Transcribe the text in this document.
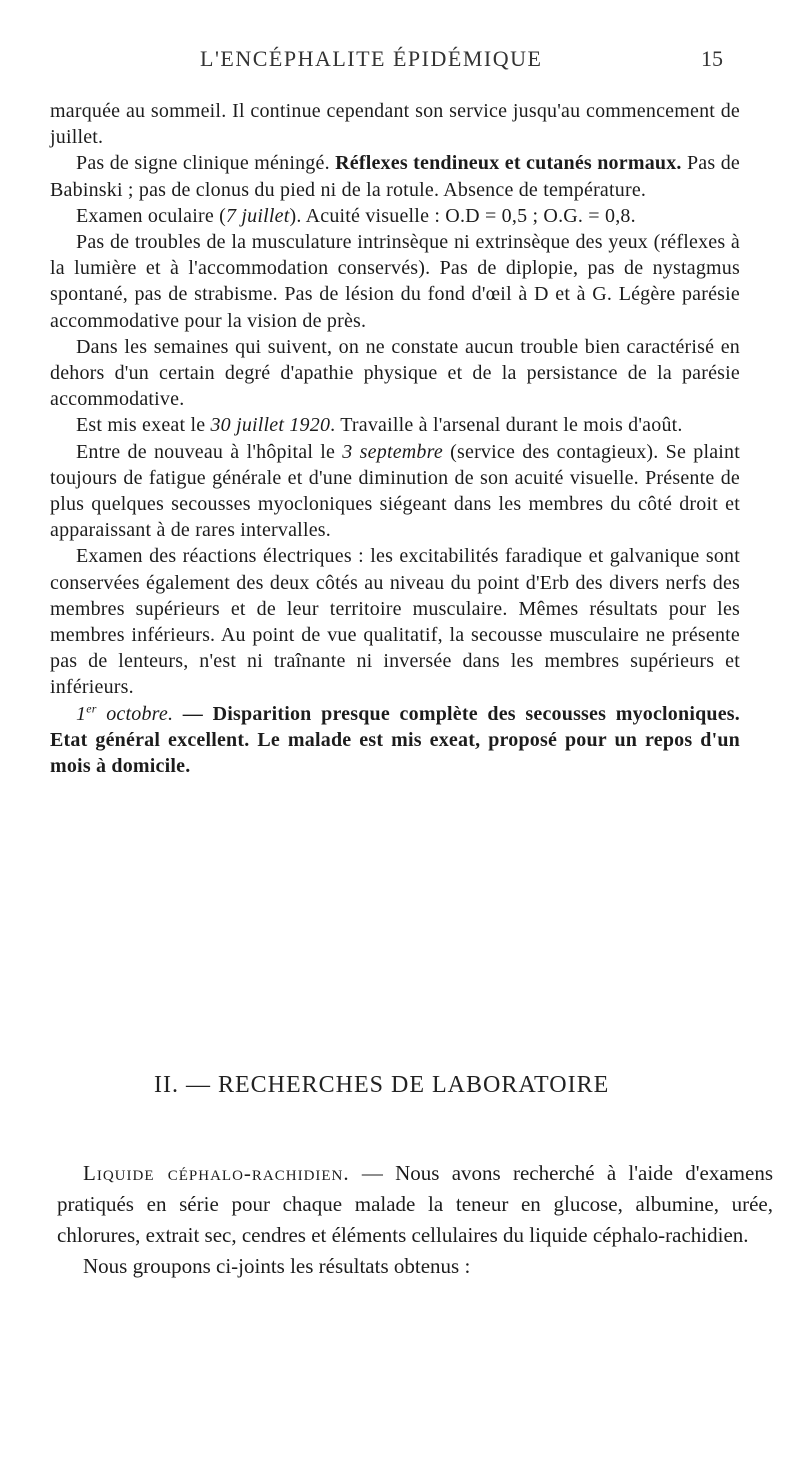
L'ENCÉPHALITE ÉPIDÉMIQUE	15

marquée au sommeil. Il continue cependant son service jusqu'au commencement de juillet.

Pas de signe clinique méningé. Réflexes tendineux et cutanés normaux. Pas de Babinski ; pas de clonus du pied ni de la rotule. Absence de température.

Examen oculaire (7 juillet). Acuité visuelle : O.D = 0,5 ; O.G. = 0,8.

Pas de troubles de la musculature intrinsèque ni extrinsèque des yeux (réflexes à la lumière et à l'accommodation conservés). Pas de diplopie, pas de nystagmus spontané, pas de strabisme. Pas de lésion du fond d'œil à D et à G. Légère parésie accommodative pour la vision de près.

Dans les semaines qui suivent, on ne constate aucun trouble bien caractérisé en dehors d'un certain degré d'apathie physique et de la persistance de la parésie accommodative.

Est mis exeat le 30 juillet 1920. Travaille à l'arsenal durant le mois d'août.

Entre de nouveau à l'hôpital le 3 septembre (service des contagieux). Se plaint toujours de fatigue générale et d'une diminution de son acuité visuelle. Présente de plus quelques secousses myocloniques siégeant dans les membres du côté droit et apparaissant à de rares intervalles.

Examen des réactions électriques : les excitabilités faradique et galvanique sont conservées également des deux côtés au niveau du point d'Erb des divers nerfs des membres supérieurs et de leur territoire musculaire. Mêmes résultats pour les membres inférieurs. Au point de vue qualitatif, la secousse musculaire ne présente pas de lenteurs, n'est ni traînante ni inversée dans les membres supérieurs et inférieurs.

1er octobre. — Disparition presque complète des secousses myocloniques. Etat général excellent. Le malade est mis exeat, proposé pour un repos d'un mois à domicile.

II. — RECHERCHES DE LABORATOIRE

Liquide céphalo-rachidien. — Nous avons recherché à l'aide d'examens pratiqués en série pour chaque malade la teneur en glucose, albumine, urée, chlorures, extrait sec, cendres et éléments cellulaires du liquide céphalo-rachidien.

Nous groupons ci-joints les résultats obtenus :
